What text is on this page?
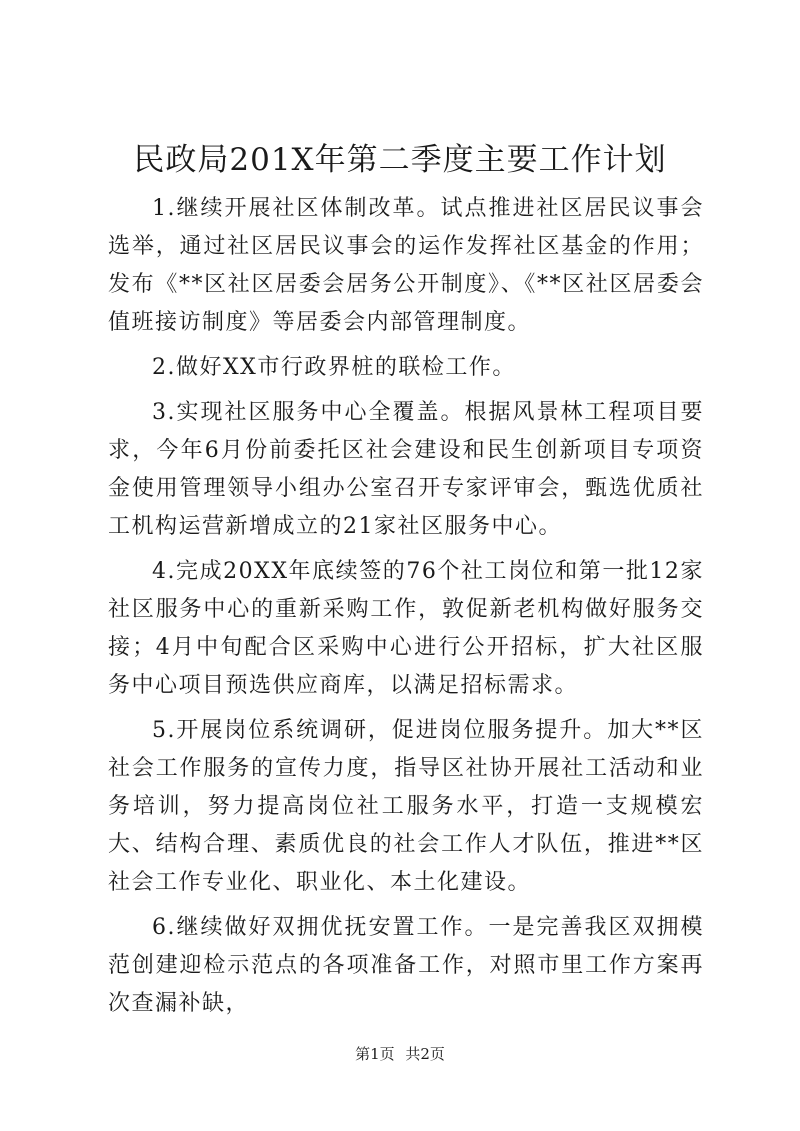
民政局201X年第二季度主要工作计划

1.继续开展社区体制改革。试点推进社区居民议事会选举，通过社区居民议事会的运作发挥社区基金的作用；发布《**区社区居委会居务公开制度》、《**区社区居委会值班接访制度》等居委会内部管理制度。

2.做好XX市行政界桩的联检工作。

3.实现社区服务中心全覆盖。根据风景林工程项目要求，今年6月份前委托区社会建设和民生创新项目专项资金使用管理领导小组办公室召开专家评审会，甄选优质社工机构运营新增成立的21家社区服务中心。

4.完成20XX年底续签的76个社工岗位和第一批12家社区服务中心的重新采购工作，敦促新老机构做好服务交接；4月中旬配合区采购中心进行公开招标，扩大社区服务中心项目预选供应商库，以满足招标需求。

5.开展岗位系统调研，促进岗位服务提升。加大**区社会工作服务的宣传力度，指导区社协开展社工活动和业务培训，努力提高岗位社工服务水平，打造一支规模宏大、结构合理、素质优良的社会工作人才队伍，推进**区社会工作专业化、职业化、本土化建设。

6.继续做好双拥优抚安置工作。一是完善我区双拥模范创建迎检示范点的各项准备工作，对照市里工作方案再次查漏补缺，

第1页 共2页
